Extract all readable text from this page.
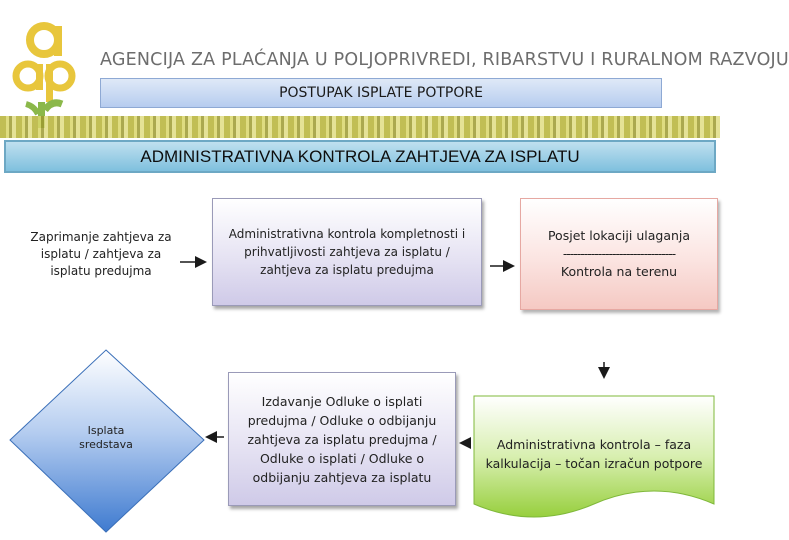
AGENCIJA ZA PLAĆANJA U POLJOPRIVREDI, RIBARSTVU I RURALNOM RAZVOJU
POSTUPAK ISPLATE POTPORE
ADMINISTRATIVNA KONTROLA ZAHTJEVA ZA ISPLATU
Zaprimanje zahtjeva za isplatu / zahtjeva za isplatu predujma
Administrativna kontrola kompletnosti i prihvatljivosti zahtjeva za isplatu / zahtjeva za isplatu predujma
Posjet lokaciji ulaganja
--------------------------------
Kontrola na terenu
Administrativna kontrola – faza kalkulacija – točan izračun potpore
Izdavanje Odluke o isplati predujma / Odluke o odbijanju zahtjeva za isplatu predujma / Odluke o isplati / Odluke o odbijanju zahtjeva za isplatu
Isplata sredstava
